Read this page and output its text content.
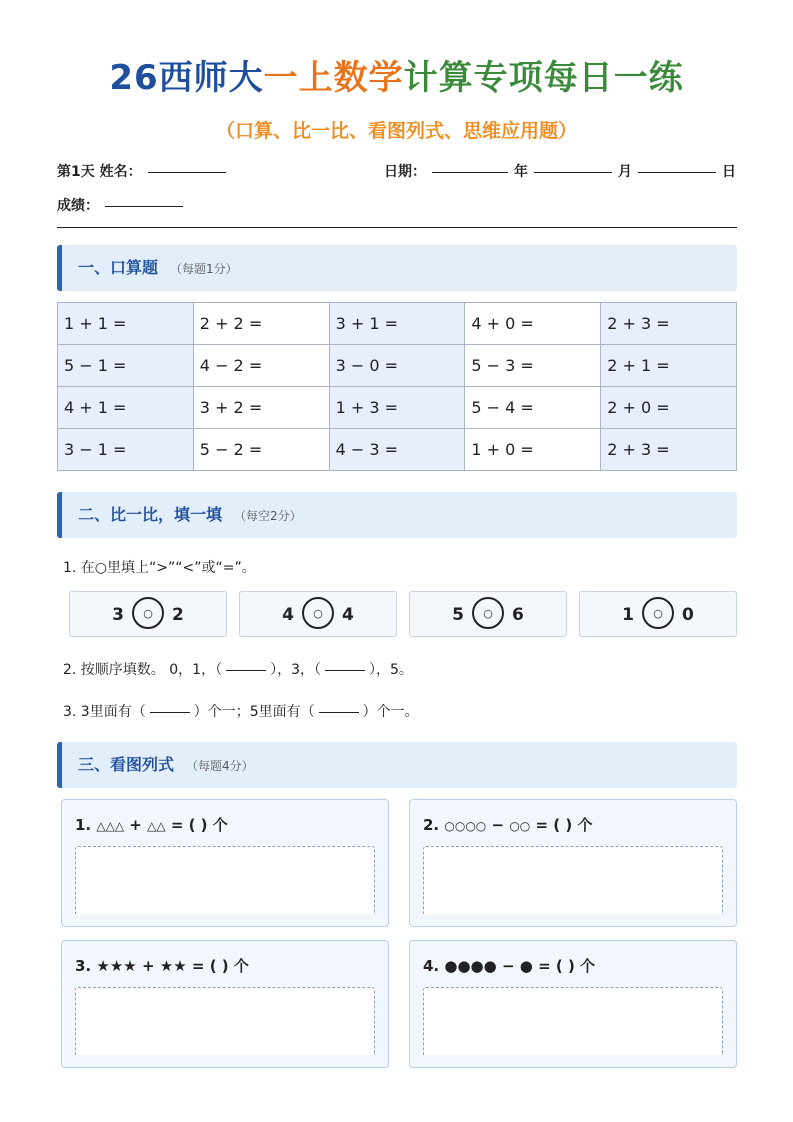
26西师大一上数学计算专项每日一练
（口算、比一比、看图列式、思维应用题）
第1天 姓名：	日期：	年	月	日
成绩：
一、口算题 （每题1分）
1 + 1 =	2 + 2 =	3 + 1 =	4 + 0 =	2 + 3 =
5 − 1 =	4 − 2 =	3 − 0 =	5 − 3 =	2 + 1 =
4 + 1 =	3 + 2 =	1 + 3 =	5 − 4 =	2 + 0 =
3 − 1 =	5 − 2 =	4 − 3 =	1 + 0 =	2 + 3 =
二、比一比，填一填 （每空2分）
1. 在○里填上“>”“<”或“=”。
3 ○ 2	4 ○ 4	5 ○ 6	1 ○ 0
2. 按顺序填数。 0，1，（	），3，（	），5。
3. 3里面有（	）个一；5里面有（	）个一。
三、看图列式 （每题4分）
1. △△△ + △△ = ( ) 个	2. ○○○○ − ○○ = ( ) 个
3. ★★★ + ★★ = ( ) 个	4. ●●●● − ● = ( ) 个
